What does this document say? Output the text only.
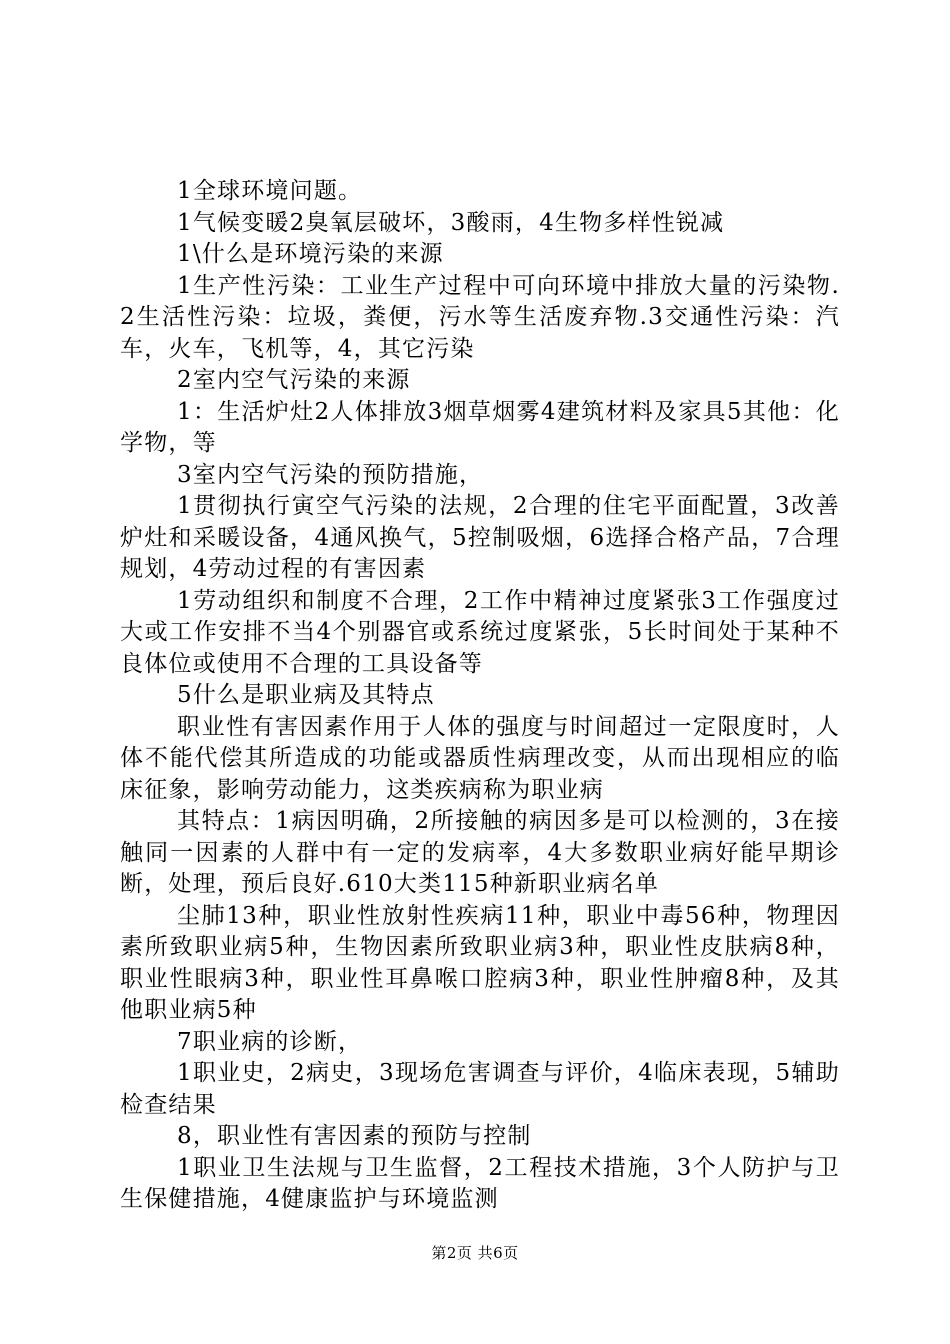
1全球环境问题。

1气候变暖2臭氧层破坏，3酸雨，4生物多样性锐减

1\什么是环境污染的来源

1生产性污染：工业生产过程中可向环境中排放大量的污染物.2生活性污染：垃圾，粪便，污水等生活废弃物.3交通性污染：汽车，火车，飞机等，4，其它污染

2室内空气污染的来源

1：生活炉灶2人体排放3烟草烟雾4建筑材料及家具5其他：化学物，等

3室内空气污染的预防措施，

1贯彻执行寅空气污染的法规，2合理的住宅平面配置，3改善炉灶和采暖设备，4通风换气，5控制吸烟，6选择合格产品，7合理规划，4劳动过程的有害因素

1劳动组织和制度不合理，2工作中精神过度紧张3工作强度过大或工作安排不当4个别器官或系统过度紧张，5长时间处于某种不良体位或使用不合理的工具设备等

5什么是职业病及其特点

职业性有害因素作用于人体的强度与时间超过一定限度时，人体不能代偿其所造成的功能或器质性病理改变，从而出现相应的临床征象，影响劳动能力，这类疾病称为职业病

其特点：1病因明确，2所接触的病因多是可以检测的，3在接触同一因素的人群中有一定的发病率，4大多数职业病好能早期诊断，处理，预后良好.610大类115种新职业病名单

尘肺13种，职业性放射性疾病11种，职业中毒56种，物理因素所致职业病5种，生物因素所致职业病3种，职业性皮肤病8种，职业性眼病3种，职业性耳鼻喉口腔病3种，职业性肿瘤8种，及其他职业病5种

7职业病的诊断，

1职业史，2病史，3现场危害调查与评价，4临床表现，5辅助检查结果

8，职业性有害因素的预防与控制

1职业卫生法规与卫生监督，2工程技术措施，3个人防护与卫生保健措施，4健康监护与环境监测

第2页 共6页
